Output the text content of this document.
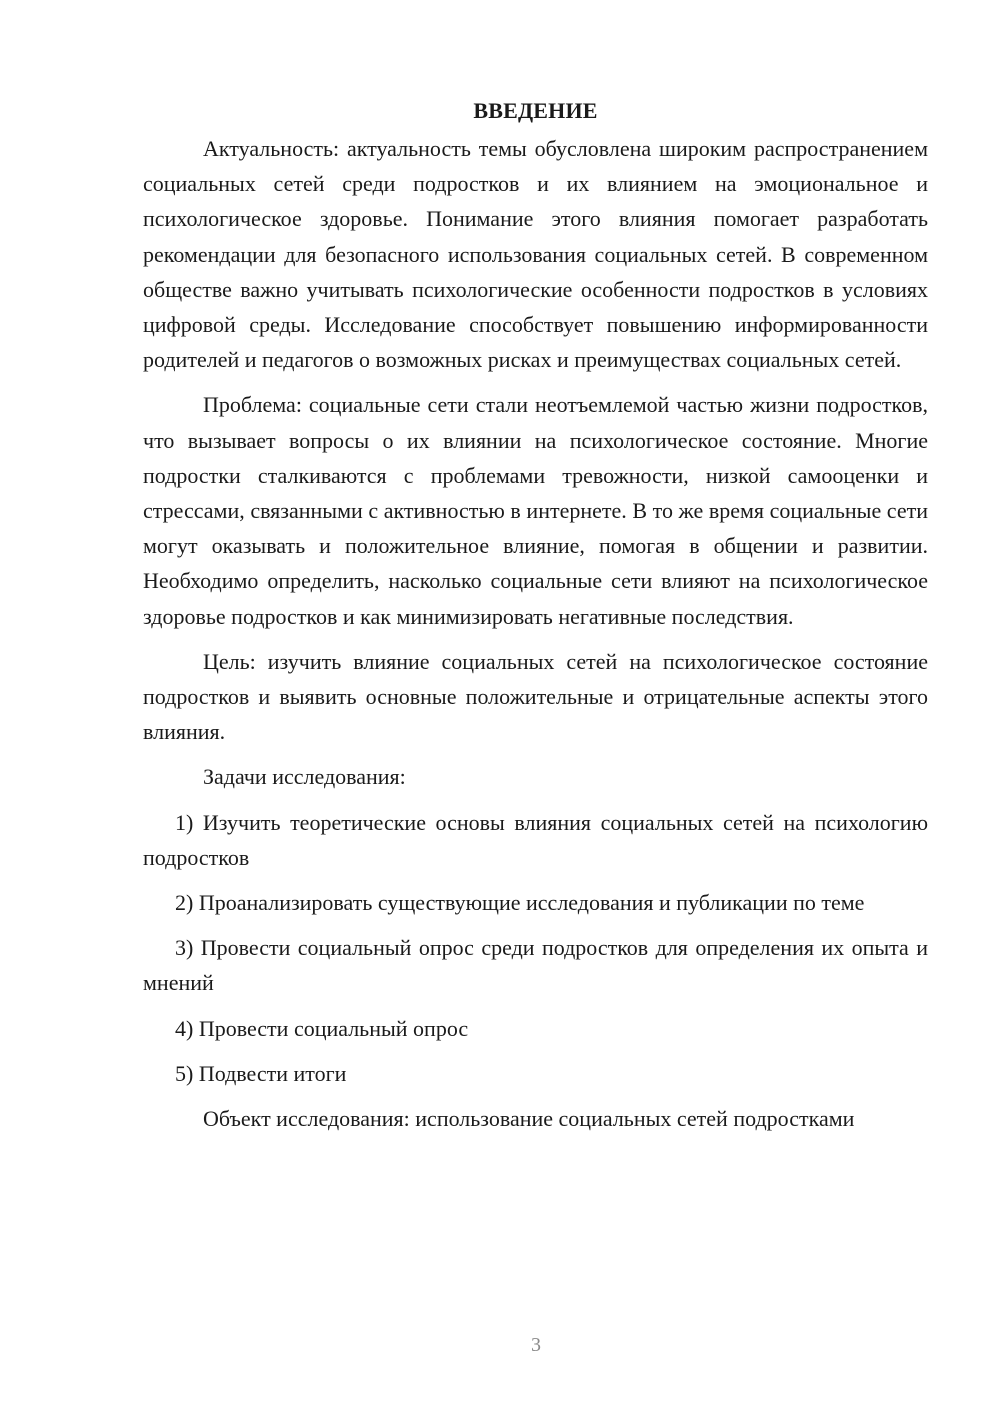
ВВЕДЕНИЕ

Актуальность: актуальность темы обусловлена широким распространением социальных сетей среди подростков и их влиянием на эмоциональное и психологическое здоровье. Понимание этого влияния помогает разработать рекомендации для безопасного использования социальных сетей. В современном обществе важно учитывать психологические особенности подростков в условиях цифровой среды. Исследование способствует повышению информированности родителей и педагогов о возможных рисках и преимуществах социальных сетей.

Проблема: социальные сети стали неотъемлемой частью жизни подростков, что вызывает вопросы о их влиянии на психологическое состояние. Многие подростки сталкиваются с проблемами тревожности, низкой самооценки и стрессами, связанными с активностью в интернете. В то же время социальные сети могут оказывать и положительное влияние, помогая в общении и развитии. Необходимо определить, насколько социальные сети влияют на психологическое здоровье подростков и как минимизировать негативные последствия.

Цель: изучить влияние социальных сетей на психологическое состояние подростков и выявить основные положительные и отрицательные аспекты этого влияния.

Задачи исследования:

1) Изучить теоретические основы влияния социальных сетей на психологию подростков

2) Проанализировать существующие исследования и публикации по теме

3) Провести социальный опрос среди подростков для определения их опыта и мнений

4) Провести социальный опрос

5) Подвести итоги

Объект исследования: использование социальных сетей подростками

3
